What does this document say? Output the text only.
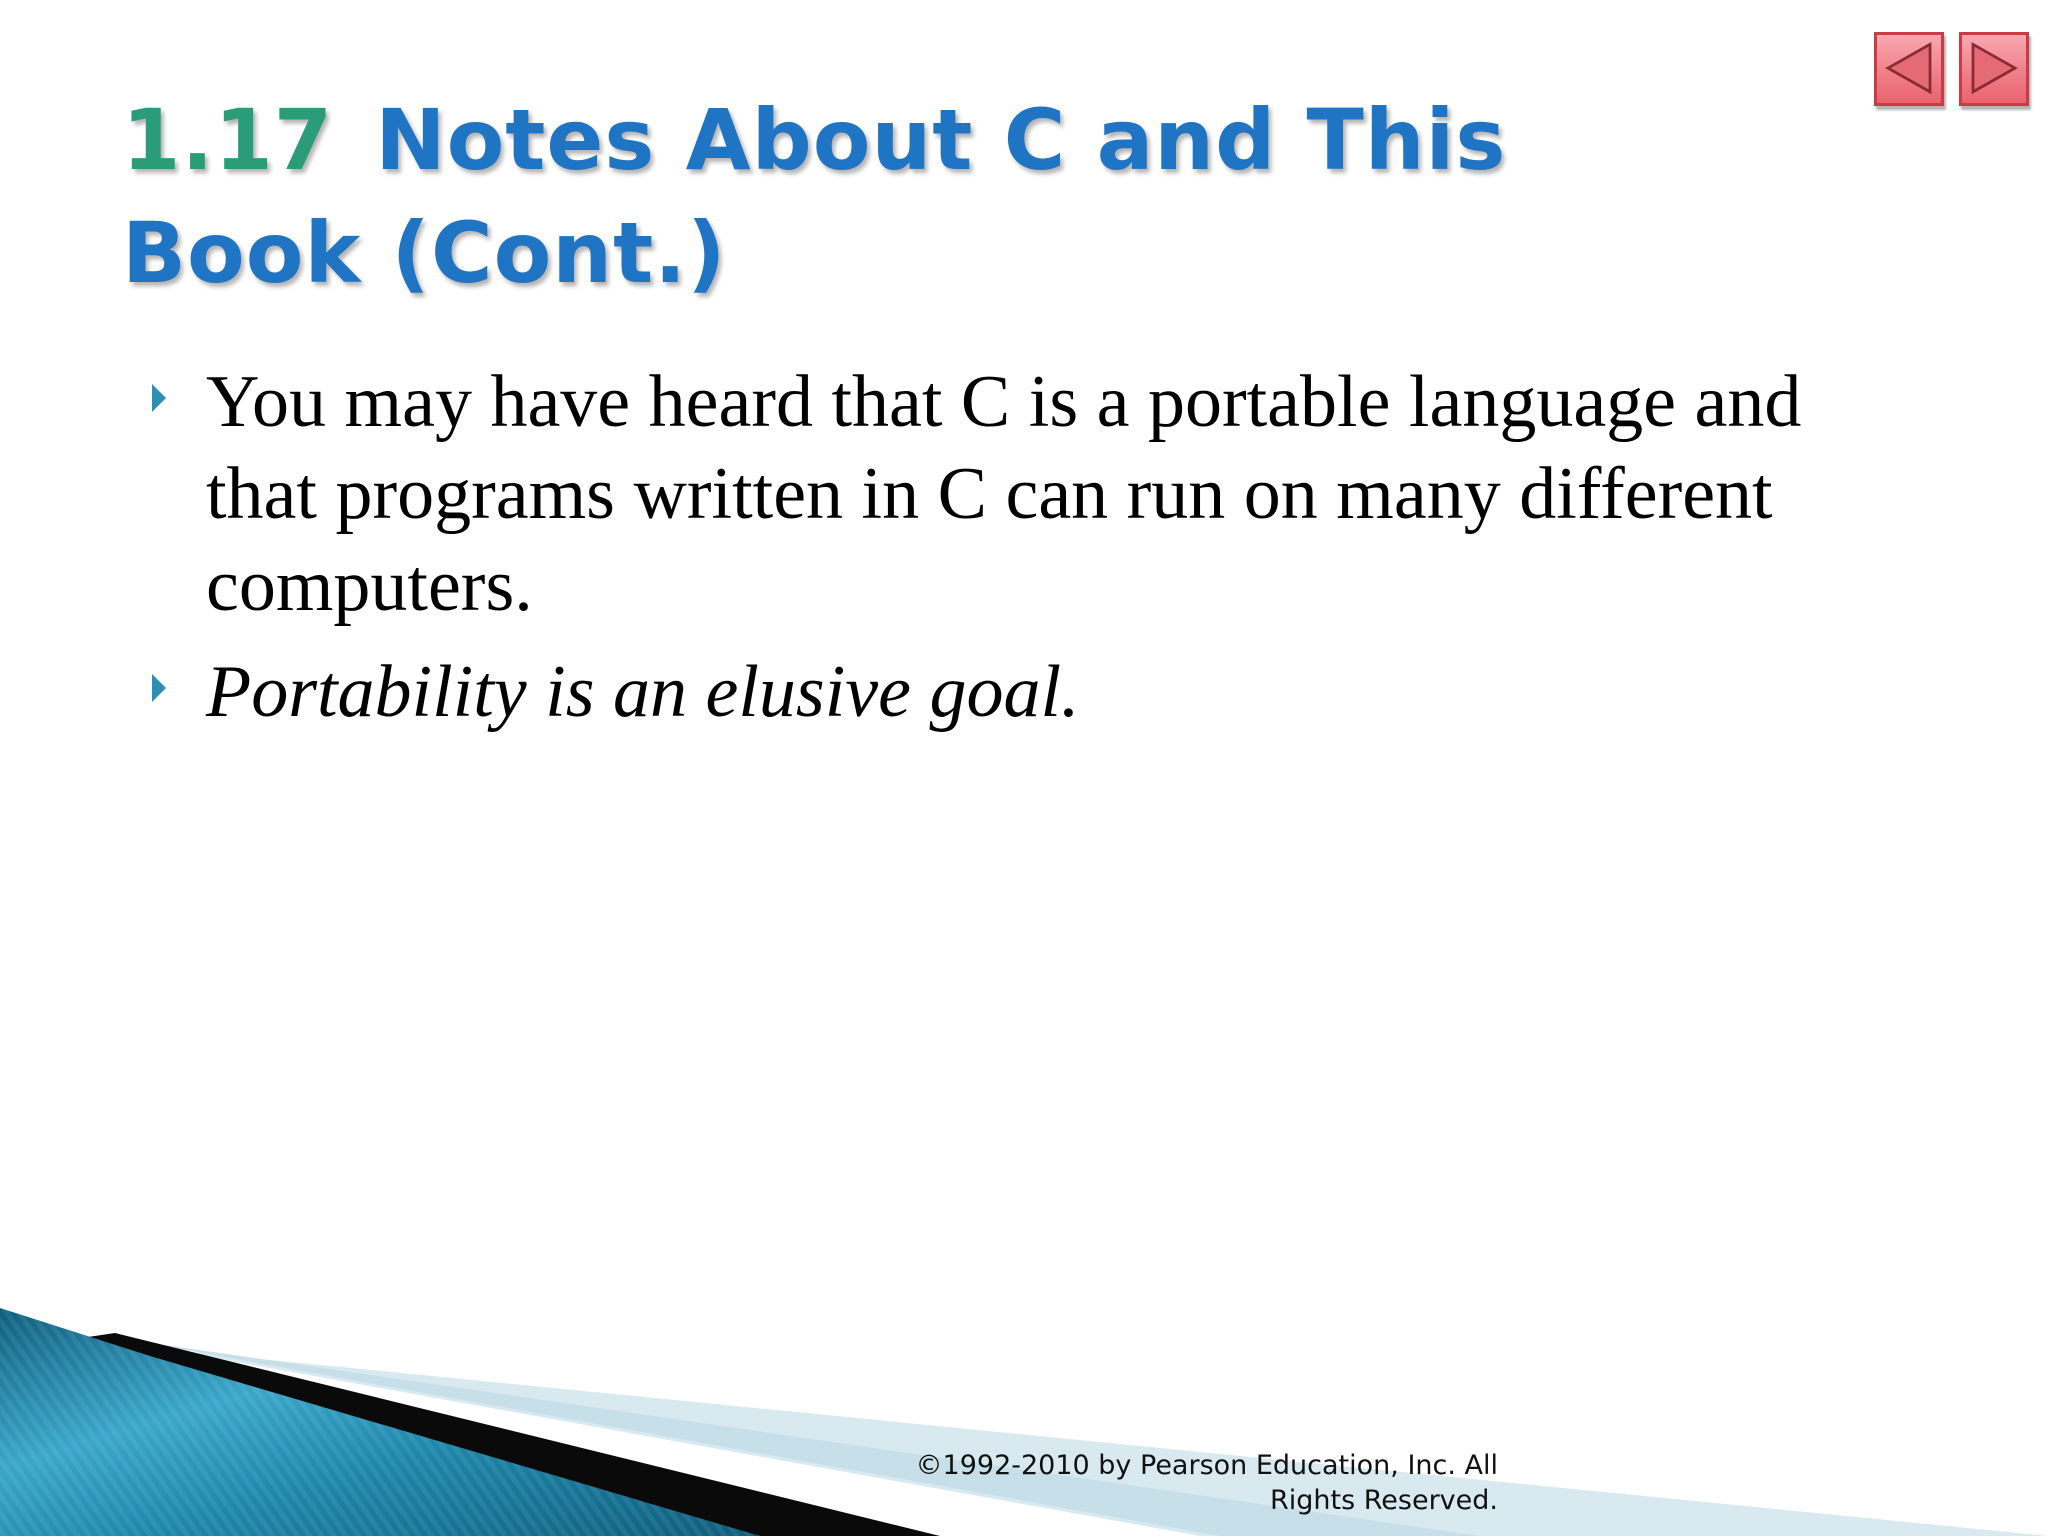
1.17 Notes About C and This Book (Cont.)
You may have heard that C is a portable language and that programs written in C can run on many different computers.
Portability is an elusive goal.

©1992-2010 by Pearson Education, Inc. All
Rights Reserved.
